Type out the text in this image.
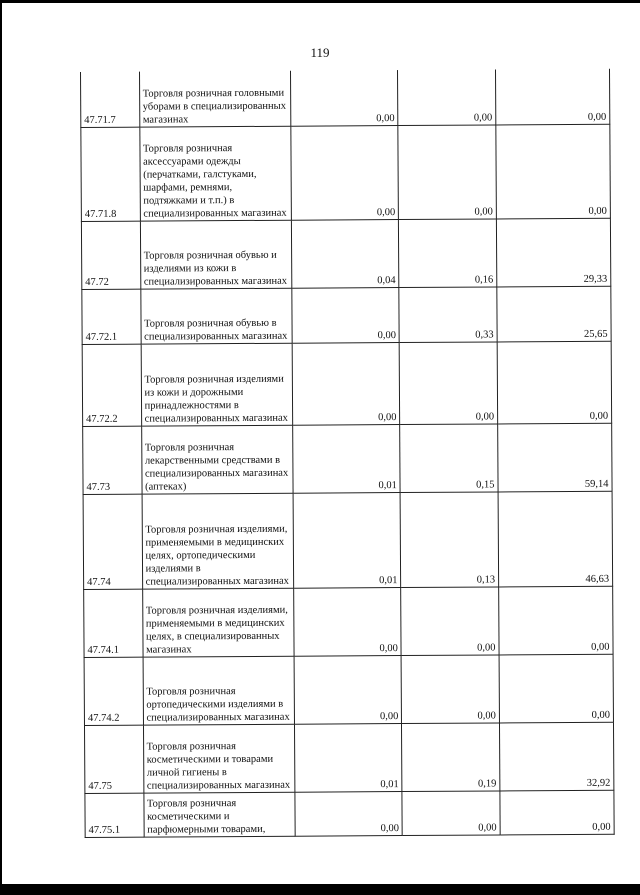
119
47.71.7	Торговля розничная головными уборами в специализированных магазинах	0,00	0,00	0,00
47.71.8	Торговля розничная аксессуарами одежды (перчатками, галстуками, шарфами, ремнями, подтяжками и т.п.) в специализированных магазинах	0,00	0,00	0,00
47.72	Торговля розничная обувью и изделиями из кожи в специализированных магазинах	0,04	0,16	29,33
47.72.1	Торговля розничная обувью в специализированных магазинах	0,00	0,33	25,65
47.72.2	Торговля розничная изделиями из кожи и дорожными принадлежностями в специализированных магазинах	0,00	0,00	0,00
47.73	Торговля розничная лекарственными средствами в специализированных магазинах (аптеках)	0,01	0,15	59,14
47.74	Торговля розничная изделиями, применяемыми в медицинских целях, ортопедическими изделиями в специализированных магазинах	0,01	0,13	46,63
47.74.1	Торговля розничная изделиями, применяемыми в медицинских целях, в специализированных магазинах	0,00	0,00	0,00
47.74.2	Торговля розничная ортопедическими изделиями в специализированных магазинах	0,00	0,00	0,00
47.75	Торговля розничная косметическими и товарами личной гигиены в специализированных магазинах	0,01	0,19	32,92
47.75.1	Торговля розничная косметическими и парфюмерными товарами,	0,00	0,00	0,00
